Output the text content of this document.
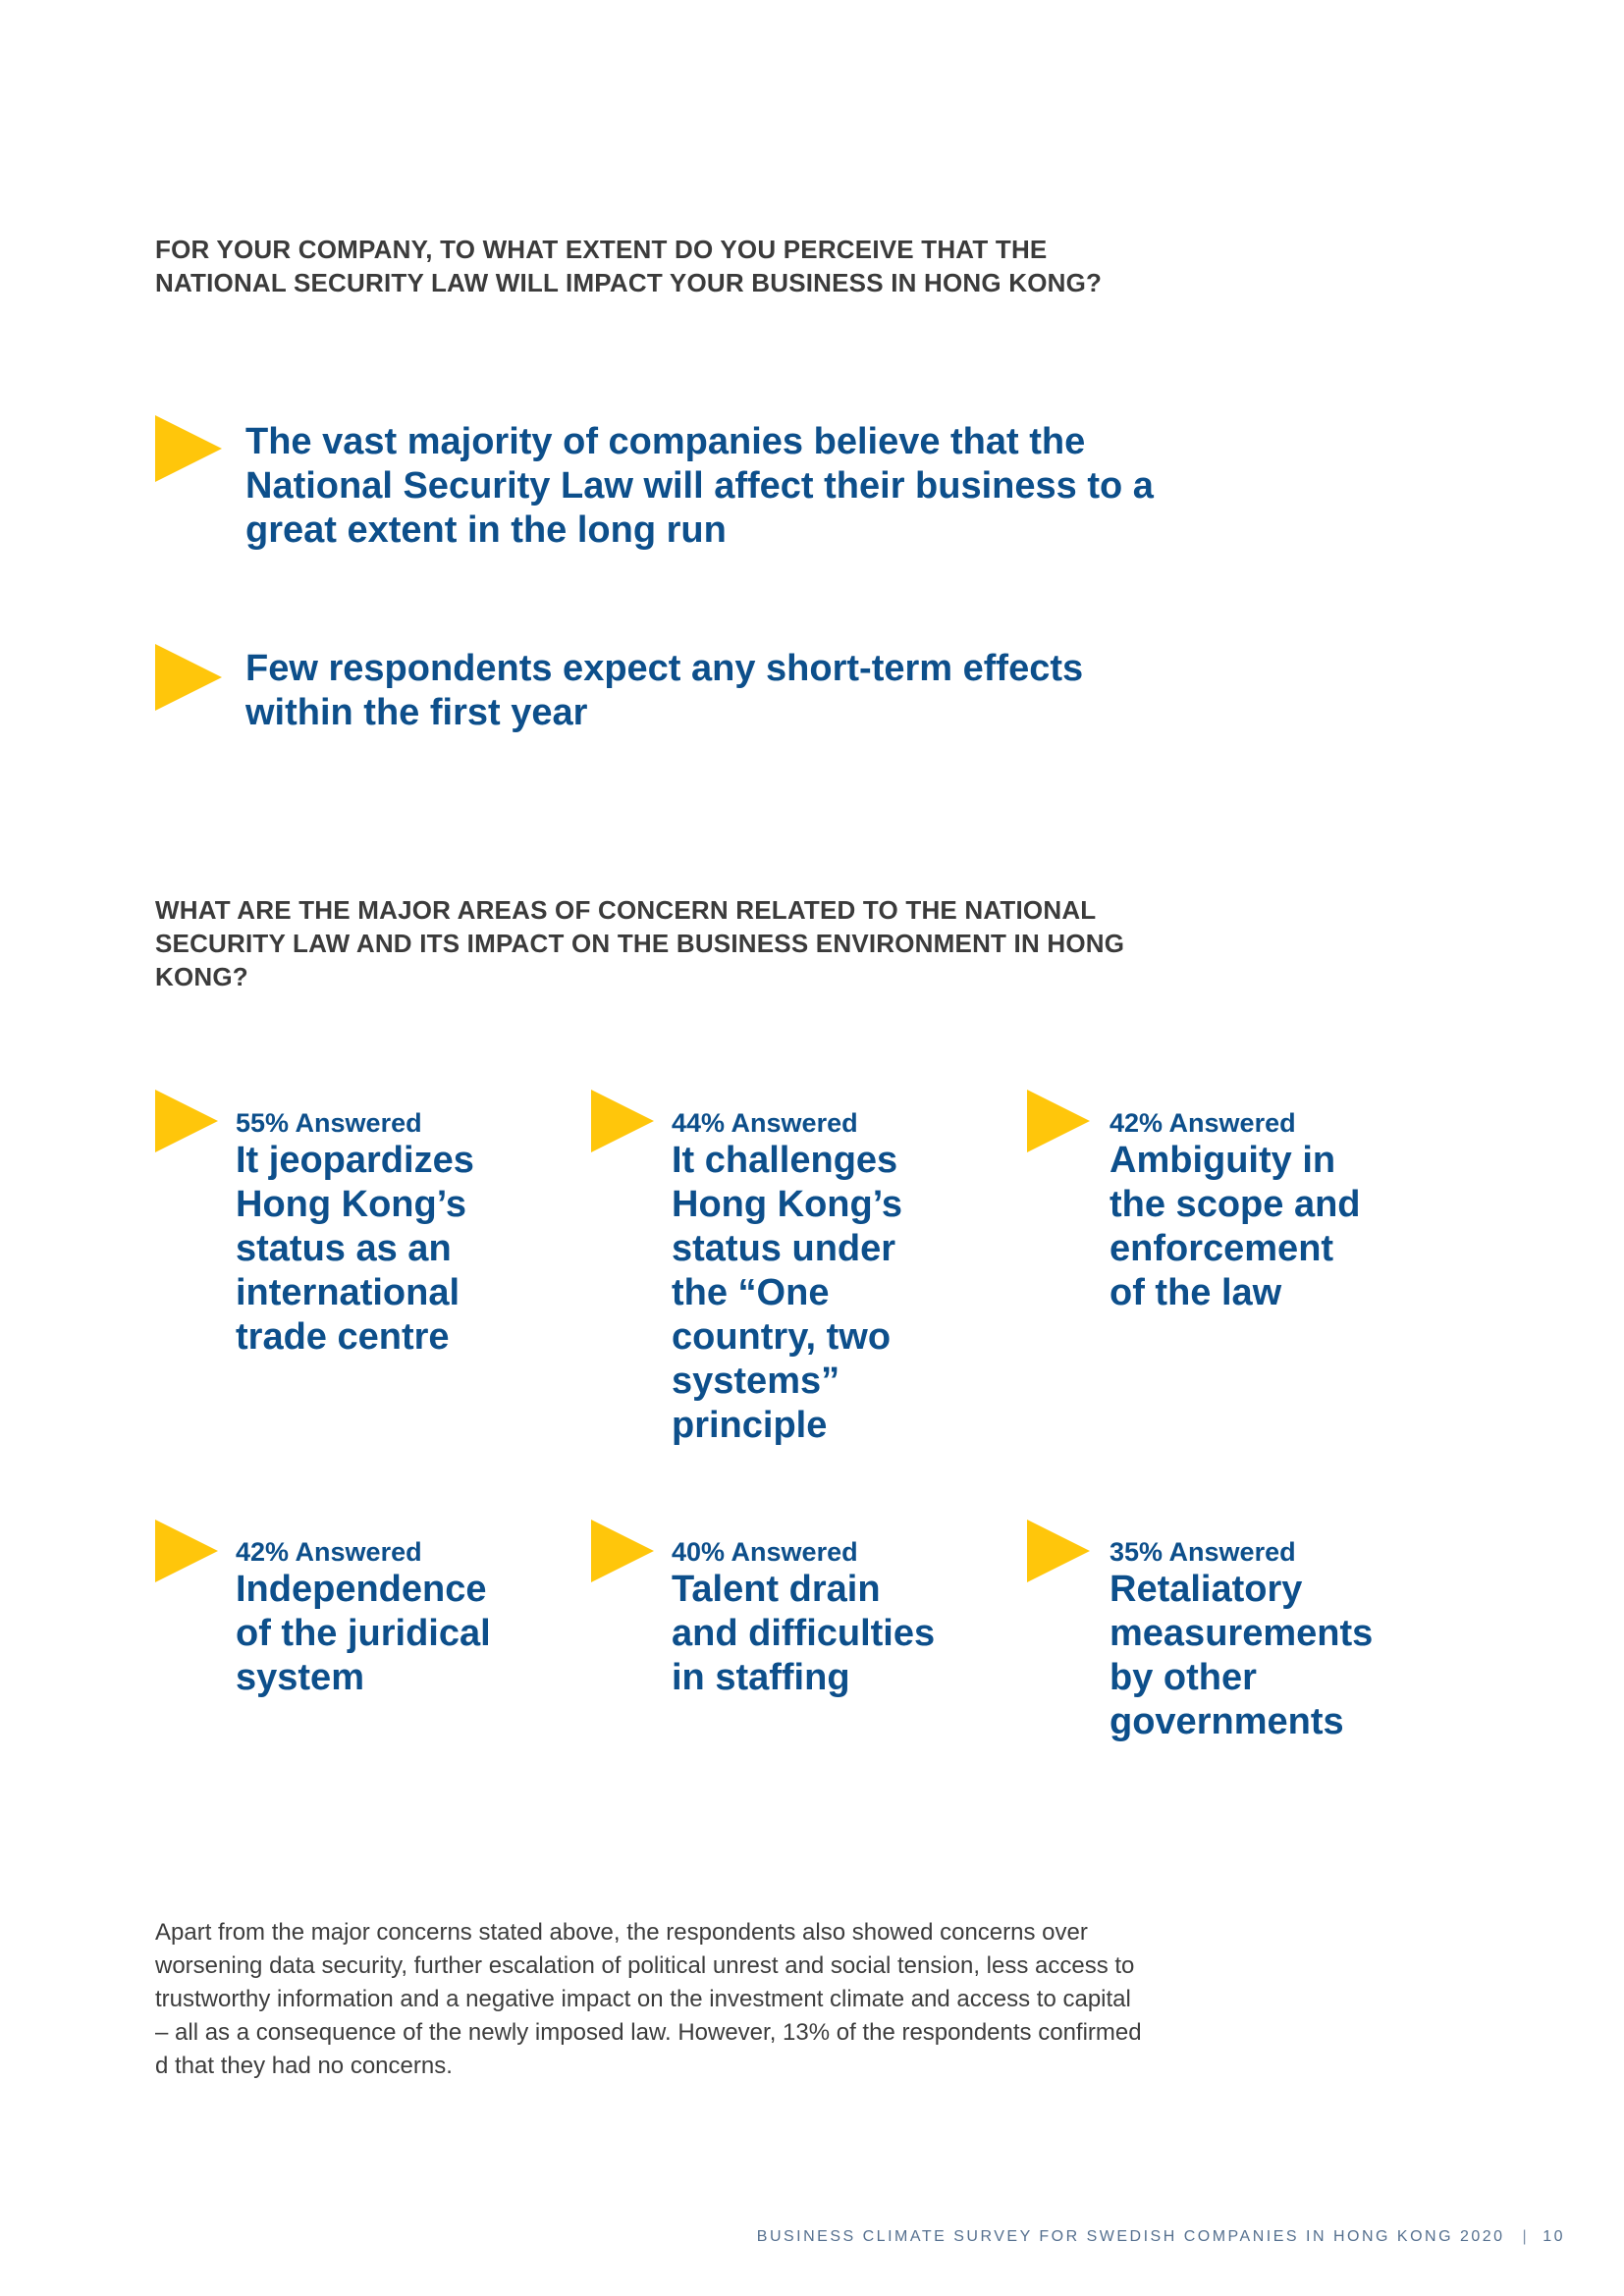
FOR YOUR COMPANY, TO WHAT EXTENT DO YOU PERCEIVE THAT THE NATIONAL SECURITY LAW WILL IMPACT YOUR BUSINESS IN HONG KONG?
The vast majority of companies believe that the National Security Law will affect their business to a great extent in the long run
Few respondents expect any short-term effects within the first year
WHAT ARE THE MAJOR AREAS OF CONCERN RELATED TO THE NATIONAL SECURITY LAW AND ITS IMPACT ON THE BUSINESS ENVIRONMENT IN HONG KONG?
55% Answered
It jeopardizes Hong Kong’s status as an international trade centre
44% Answered
It challenges Hong Kong’s status under the “One country, two systems” principle
42% Answered
Ambiguity in the scope and enforcement of the law
42% Answered
Independence of the juridical system
40% Answered
Talent drain and difficulties in staffing
35% Answered
Retaliatory measurements by other governments
Apart from the major concerns stated above, the respondents also showed concerns over worsening data security, further escalation of political unrest and social tension, less access to trustworthy information and a negative impact on the investment climate and access to capital – all as a consequence of the newly imposed law. However, 13% of the respondents confirmed d that they had no concerns.
BUSINESS CLIMATE SURVEY FOR SWEDISH COMPANIES IN HONG KONG 2020 | 10
